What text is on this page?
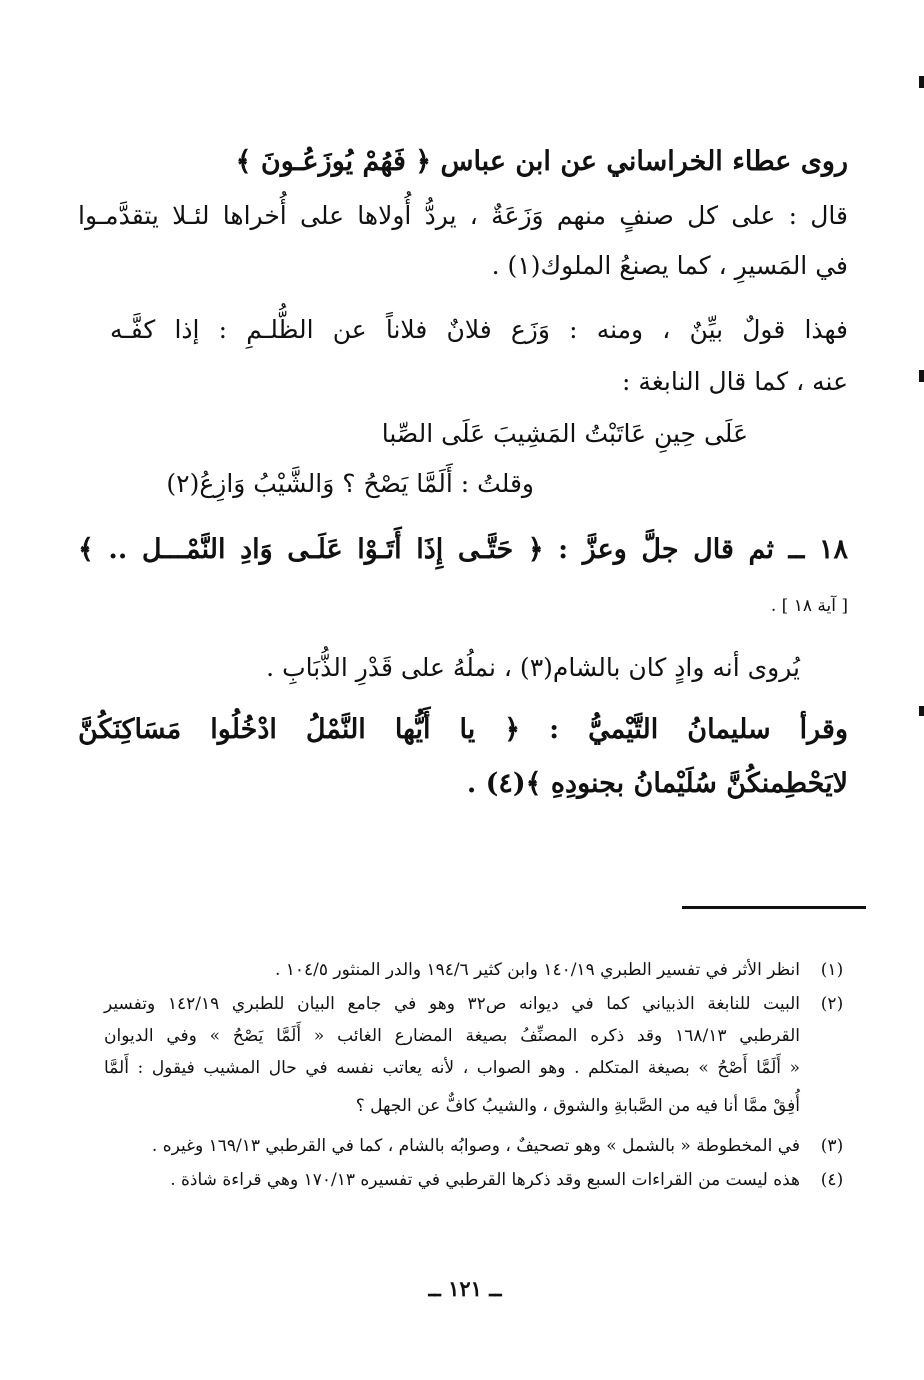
روى عطاء الخراساني عن ابن عباس ﴿ فَهُمْ يُوزَعُـونَ ﴾
قال : على كل صنفٍ منهم وَزَعَةٌ ، يردُّ أُولاها على أُخراها لئـلا يتقدَّمـوا
في المَسيرِ ، كما يصنعُ الملوك(١) .
فهذا قولٌ بيِّنٌ ، ومنه : وَزَع فلانٌ فلاناً عن الظُّلـمِ : إذا كفَّـه
عنه ، كما قال النابغة :
عَلَى حِينِ عَاتَبْتُ المَشِيبَ عَلَى الصِّبا
وقلتُ : أَلَمَّا يَصْحُ ؟ وَالشَّيْبُ وَازِعُ(٢)
١٨ ــ ثم قال جلَّ وعزَّ : ﴿ حَتَّـى إِذَا أَتَـوْا عَلَـى وَادِ النَّمْـــل .. ﴾
[ آية ١٨ ] .
يُروى أنه وادٍ كان بالشام(٣) ، نملُهُ على قَدْرِ الذُّبَابِ .
وقرأ سليمانُ التَّيْميُّ : ﴿ يا أَيُّها النَّمْلُ ادْخُلُوا مَسَاكِنَكُنَّ
لايَحْطِمنكُنَّ سُلَيْمانُ بجنودِهِ ﴾(٤) .
(١)
انظر الأثر في تفسير الطبري ١٤٠/١٩ وابن كثير ١٩٤/٦ والدر المنثور ١٠٤/٥ .
(٢)
البيت للنابغة الذبياني كما في ديوانه ص٣٢ وهو في جامع البيان للطبري ١٤٢/١٩ وتفسير
القرطبي ١٦٨/١٣ وقد ذكره المصنِّفُ بصيغة المضارع الغائب « أَلَمَّا يَصْحُ » وفي الديوان
« أَلَمَّا أَصْحُ » بصيغة المتكلم . وهو الصواب ، لأنه يعاتب نفسه في حال المشيب فيقول : أَلمَّا
أُفِقْ ممَّا أنا فيه من الصَّبابةِ والشوق ، والشيبُ كافٌّ عن الجهل ؟
(٣)
في المخطوطة « بالشمل » وهو تصحيفٌ ، وصوابُه بالشام ، كما في القرطبي ١٦٩/١٣ وغيره .
(٤)
هذه ليست من القراءات السبع وقد ذكرها القرطبي في تفسيره ١٧٠/١٣ وهي قراءة شاذة .
ــ ١٢١ ــ
